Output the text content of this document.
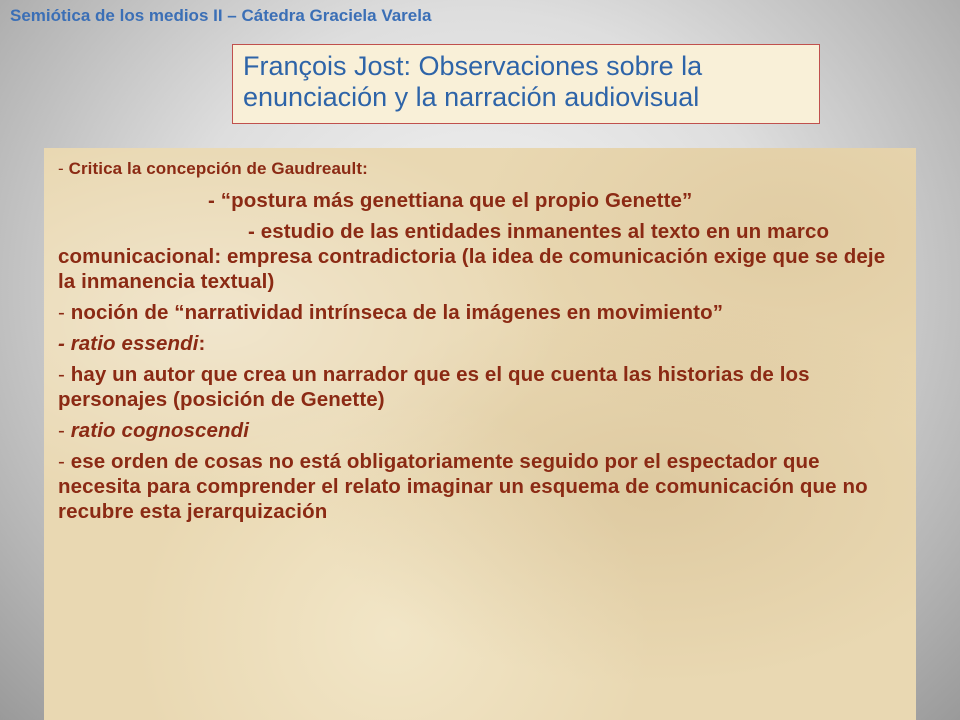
Semiótica de los medios II – Cátedra Graciela Varela
François Jost: Observaciones sobre la
enunciación y la narración audiovisual

- Critica la concepción de Gaudreault:

- “postura más genettiana que el propio Genette”

- estudio de las entidades inmanentes al texto en un marco comunicacional: empresa contradictoria (la idea de comunicación exige que se deje la inmanencia textual)

- noción de “narratividad intrínseca de la imágenes en movimiento”

- ratio essendi:

- hay un autor que crea un narrador que es el que cuenta las historias de los personajes (posición de Genette)

- ratio cognoscendi

- ese orden de cosas no está obligatoriamente seguido por el espectador que necesita para comprender el relato imaginar un esquema de comunicación que no recubre esta jerarquización
